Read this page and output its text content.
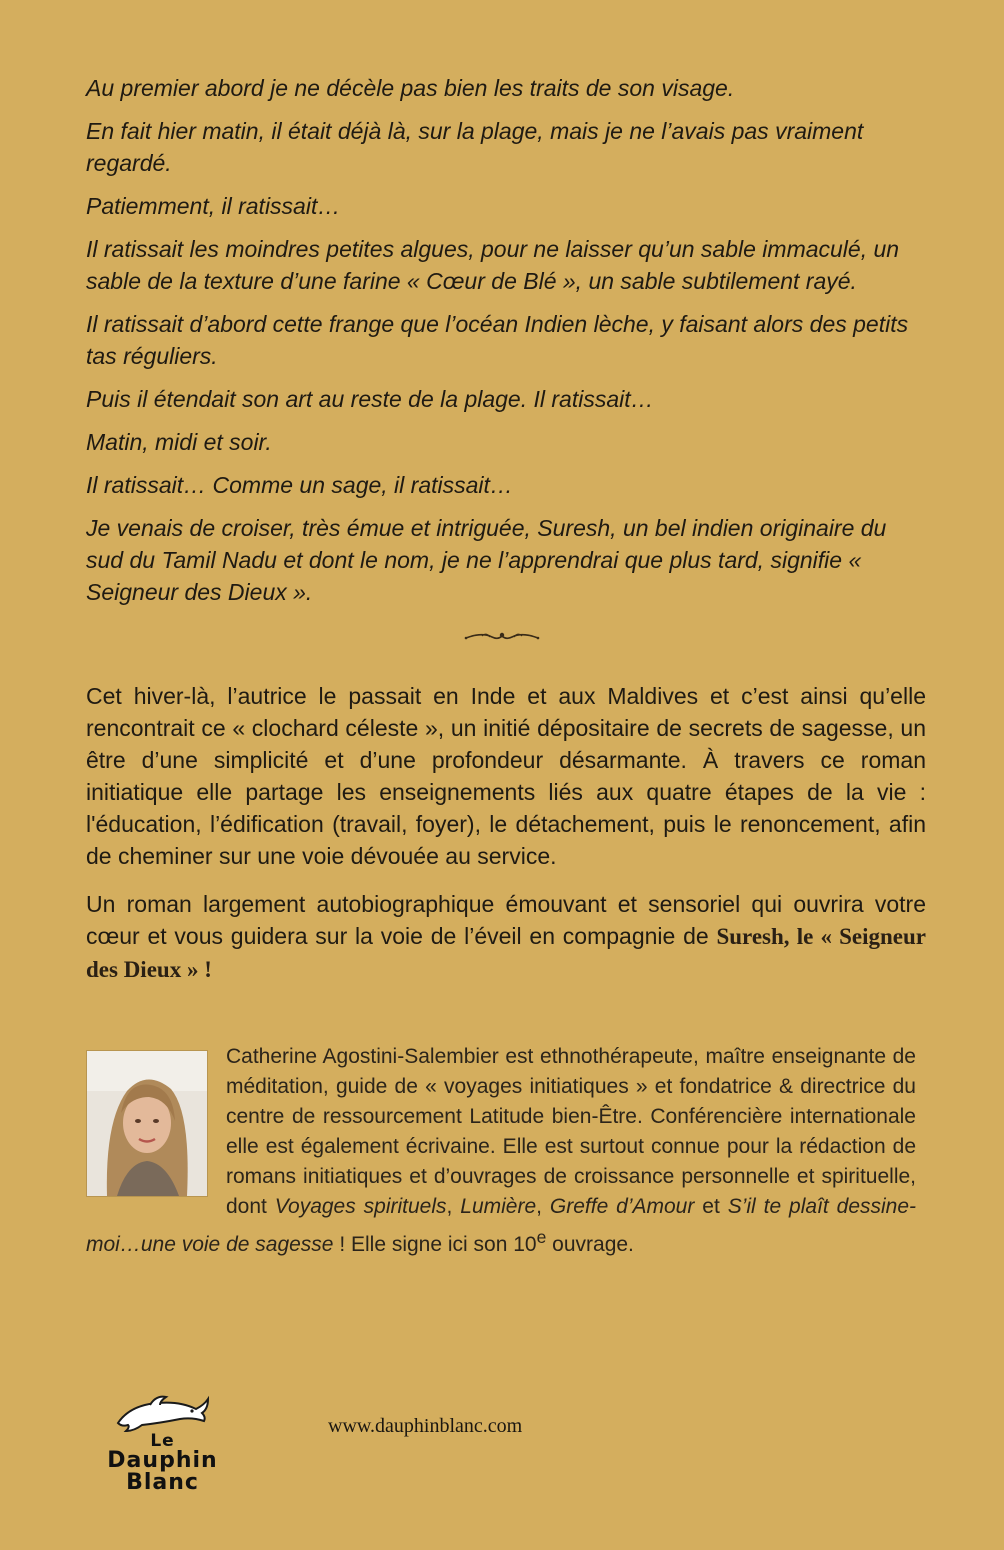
Au premier abord je ne décèle pas bien les traits de son visage.

En fait hier matin, il était déjà là, sur la plage, mais je ne l’avais pas vraiment regardé.

Patiemment, il ratissait…

Il ratissait les moindres petites algues, pour ne laisser qu’un sable immaculé, un sable de la texture d’une farine « Cœur de Blé », un sable subtilement rayé.

Il ratissait d’abord cette frange que l’océan Indien lèche, y faisant alors des petits tas réguliers.

Puis il étendait son art au reste de la plage. Il ratissait…

Matin, midi et soir.

Il ratissait… Comme un sage, il ratissait…

Je venais de croiser, très émue et intriguée, Suresh, un bel indien originaire du sud du Tamil Nadu et dont le nom, je ne l’apprendrai que plus tard, signifie « Seigneur des Dieux ».

Cet hiver-là, l’autrice le passait en Inde et aux Maldives et c’est ainsi qu’elle rencontrait ce « clochard céleste », un initié dépositaire de secrets de sagesse, un être d’une simplicité et d’une profondeur désarmante. À travers ce roman initiatique elle partage les enseignements liés aux quatre étapes de la vie : l'éducation, l’édification (travail, foyer), le détachement, puis le renoncement, afin de cheminer sur une voie dévouée au service.

Un roman largement autobiographique émouvant et sensoriel qui ouvrira votre cœur et vous guidera sur la voie de l’éveil en compagnie de Suresh, le « Seigneur des Dieux » !

Catherine Agostini-Salembier est ethnothérapeute, maître enseignante de méditation, guide de « voyages initiatiques » et fondatrice & directrice du centre de ressourcement Latitude bien-Être. Conférencière internationale elle est également écrivaine. Elle est surtout connue pour la rédaction de romans initiatiques et d’ouvrages de croissance personnelle et spirituelle, dont Voyages spirituels, Lumière, Greffe d’Amour et S’il te plaît dessine-moi…une voie de sagesse ! Elle signe ici son 10e ouvrage.

Le
Dauphin
Blanc
www.dauphinblanc.com
